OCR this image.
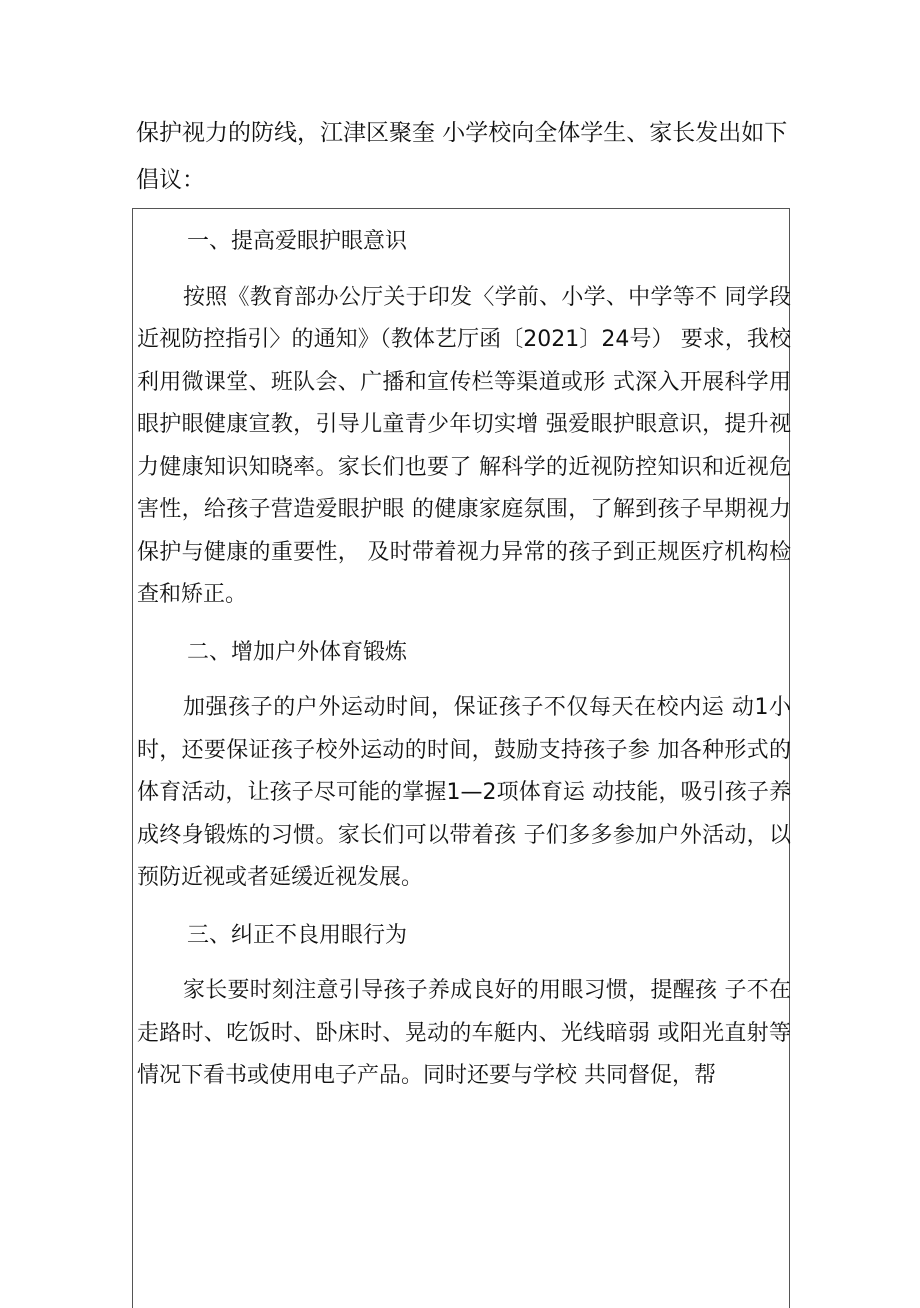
保护视力的防线，江津区聚奎 小学校向全体学生、家长发出如下倡议：

一、提高爱眼护眼意识

按照《教育部办公厅关于印发〈学前、小学、中学等不 同学段近视防控指引〉的通知》（教体艺厅函〔2021〕24号） 要求，我校利用微课堂、班队会、广播和宣传栏等渠道或形 式深入开展科学用眼护眼健康宣教，引导儿童青少年切实增 强爱眼护眼意识，提升视力健康知识知晓率。家长们也要了 解科学的近视防控知识和近视危害性，给孩子营造爱眼护眼 的健康家庭氛围，了解到孩子早期视力保护与健康的重要性， 及时带着视力异常的孩子到正规医疗机构检查和矫正。

二、增加户外体育锻炼

加强孩子的户外运动时间，保证孩子不仅每天在校内运 动1小时，还要保证孩子校外运动的时间，鼓励支持孩子参 加各种形式的体育活动，让孩子尽可能的掌握1—2项体育运 动技能，吸引孩子养成终身锻炼的习惯。家长们可以带着孩 子们多多参加户外活动，以预防近视或者延缓近视发展。

三、纠正不良用眼行为

家长要时刻注意引导孩子养成良好的用眼习惯，提醒孩 子不在走路时、吃饭时、卧床时、晃动的车艇内、光线暗弱 或阳光直射等情况下看书或使用电子产品。同时还要与学校 共同督促，帮
